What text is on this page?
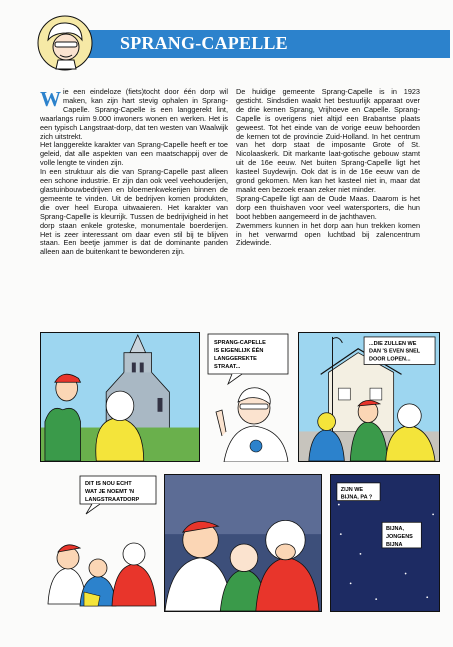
SPRANG-CAPELLE

Wie een eindeloze (fiets)tocht door één dorp wil maken, kan zijn hart stevig ophalen in Sprang-Capelle. Sprang-Capelle is een langgerekt lint, waarlangs ruim 9.000 inwoners wonen en werken. Het is een typisch Langstraat-dorp, dat ten westen van Waalwijk zich uitstrekt.
Het langgerekte karakter van Sprang-Capelle heeft er toe geleid, dat alle aspekten van een maatschappij over de volle lengte te vinden zijn.
In een struktuur als die van Sprang-Capelle past alleen een schone industrie. Er zijn dan ook veel veehouderijen, glastuinbouwbedrijven en bloemenkwekerijen binnen de gemeente te vinden. Uit de bedrijven komen produkten, die over heel Europa uitwaaieren. Het karakter van Sprang-Capelle is kleurrijk. Tussen de bedrijvigheid in het dorp staan enkele groteske, monumentale boerderijen. Het is zeer interessant om daar even stil bij te blijven staan. Een beetje jammer is dat de dominante panden alleen aan de buitenkant te bewonderen zijn.

De huidige gemeente Sprang-Capelle is in 1923 gesticht. Sindsdien waakt het bestuurlijk apparaat over de drie kernen Sprang, Vrijhoeve en Capelle. Sprang-Capelle is overigens niet altijd een Brabantse plaats geweest. Tot het einde van de vorige eeuw behoorden de kernen tot de provincie Zuid-Holland. In het centrum van het dorp staat de imposante Grote of St. Nicolaaskerk. Dit markante laat-gotische gebouw stamt uit de 16e eeuw. Net buiten Sprang-Capelle ligt het kasteel Suydewijn. Ook dat is in de 16e eeuw van de grond gekomen. Men kan het kasteel niet in, maar dat maakt een bezoek eraan zeker niet minder.
Sprang-Capelle ligt aan de Oude Maas. Daarom is het dorp een thuishaven voor veel watersporters, die hun boot hebben aangemeerd in de jachthaven.
Zwemmers kunnen in het dorp aan hun trekken komen in het verwarmd open luchtbad bij zalencentrum Zidewinde.

SPRANG-CAPELLE
IS EIGENLIJK ÉÉN
LANGGEREKTE
STRAAT...
...DIE ZULLEN WE
DAN 'S EVEN SNEL
DOOR LOPEN...
DIT IS NOU ECHT
WAT JE NOEMT 'N
LANGSTRAATDORP
ZIJN WE
BIJNA, PA ?
BIJNA,
JONGENS
BIJNA
